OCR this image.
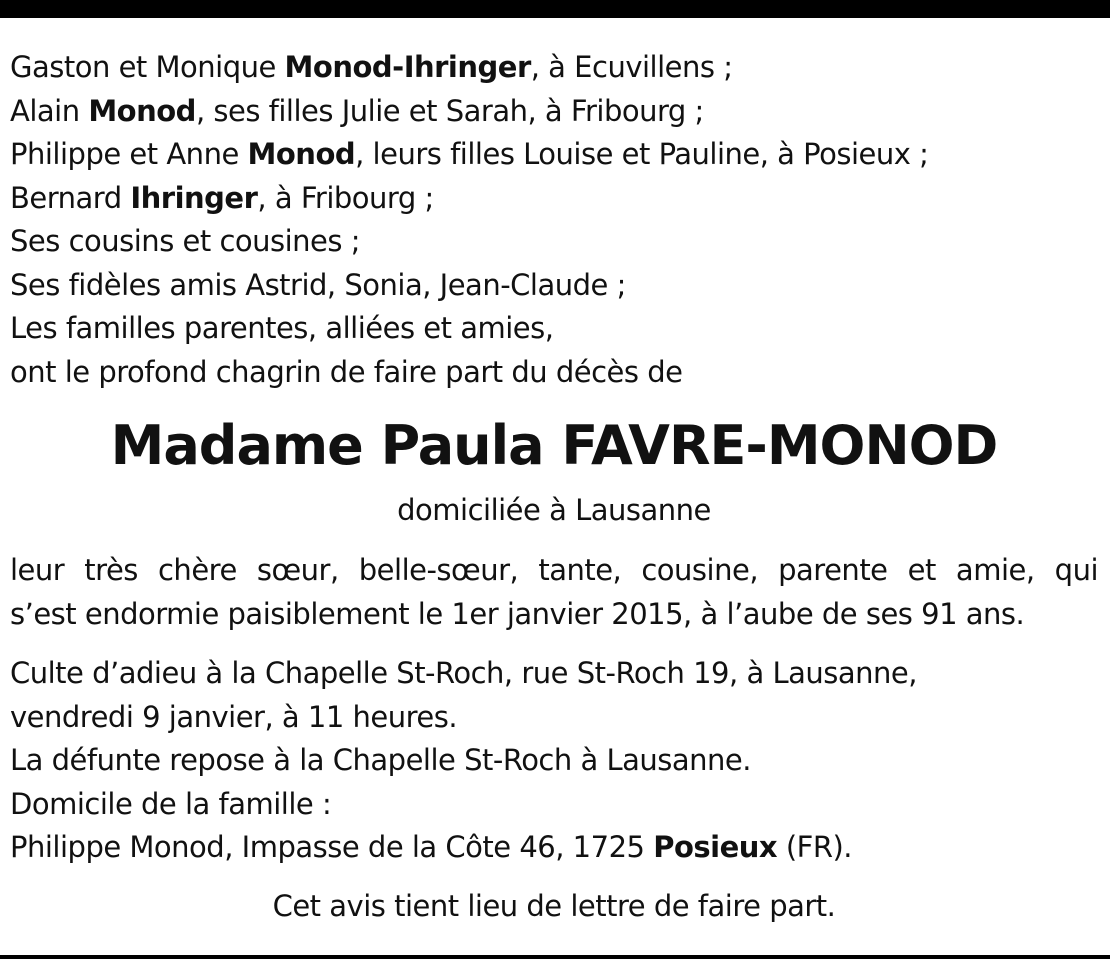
Gaston et Monique Monod-Ihringer, à Ecuvillens ;
Alain Monod, ses filles Julie et Sarah, à Fribourg ;
Philippe et Anne Monod, leurs filles Louise et Pauline, à Posieux ;
Bernard Ihringer, à Fribourg ;
Ses cousins et cousines ;
Ses fidèles amis Astrid, Sonia, Jean-Claude ;
Les familles parentes, alliées et amies,
ont le profond chagrin de faire part du décès de
Madame Paula FAVRE-MONOD
domiciliée à Lausanne
leur très chère sœur, belle-sœur, tante, cousine, parente et amie, qui
s’est endormie paisiblement le 1er janvier 2015, à l’aube de ses 91 ans.
Culte d’adieu à la Chapelle St-Roch, rue St-Roch 19, à Lausanne,
vendredi 9 janvier, à 11 heures.
La défunte repose à la Chapelle St-Roch à Lausanne.
Domicile de la famille :
Philippe Monod, Impasse de la Côte 46, 1725 Posieux (FR).
Cet avis tient lieu de lettre de faire part.
